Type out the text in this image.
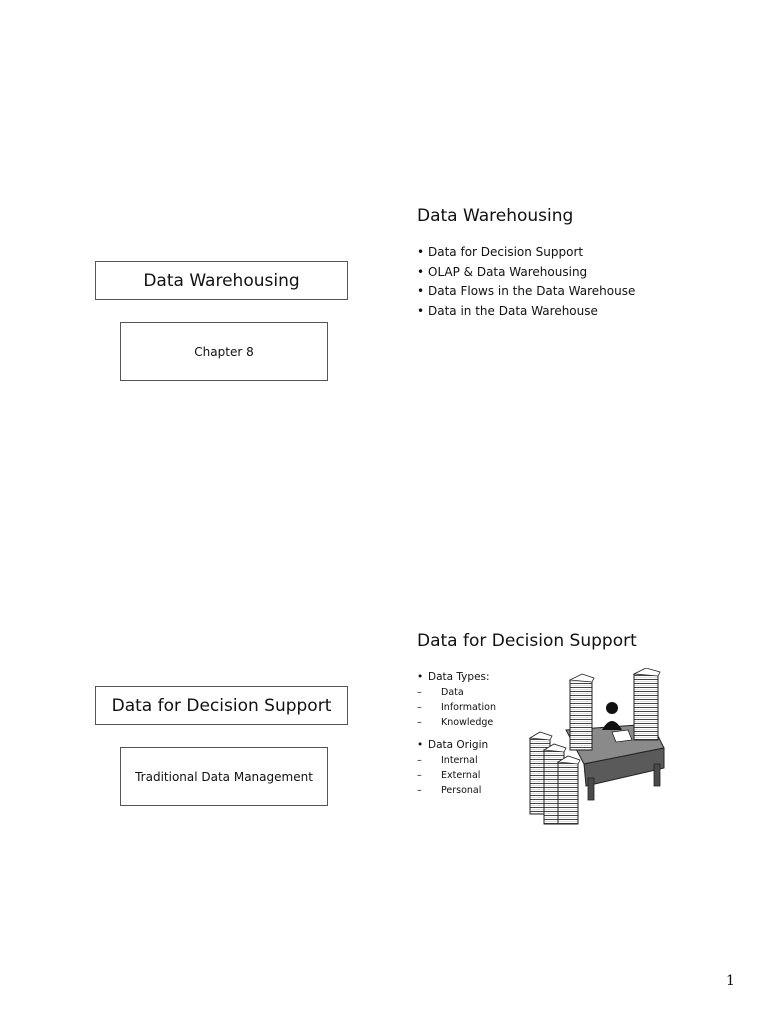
Data Warehousing
Chapter 8
Data Warehousing
• Data for Decision Support
• OLAP & Data Warehousing
• Data Flows in the Data Warehouse
• Data in the Data Warehouse
Data for Decision Support
Traditional Data Management
Data for Decision Support
• Data Types:
– Data
– Information
– Knowledge
• Data Origin
– Internal
– External
– Personal
1
